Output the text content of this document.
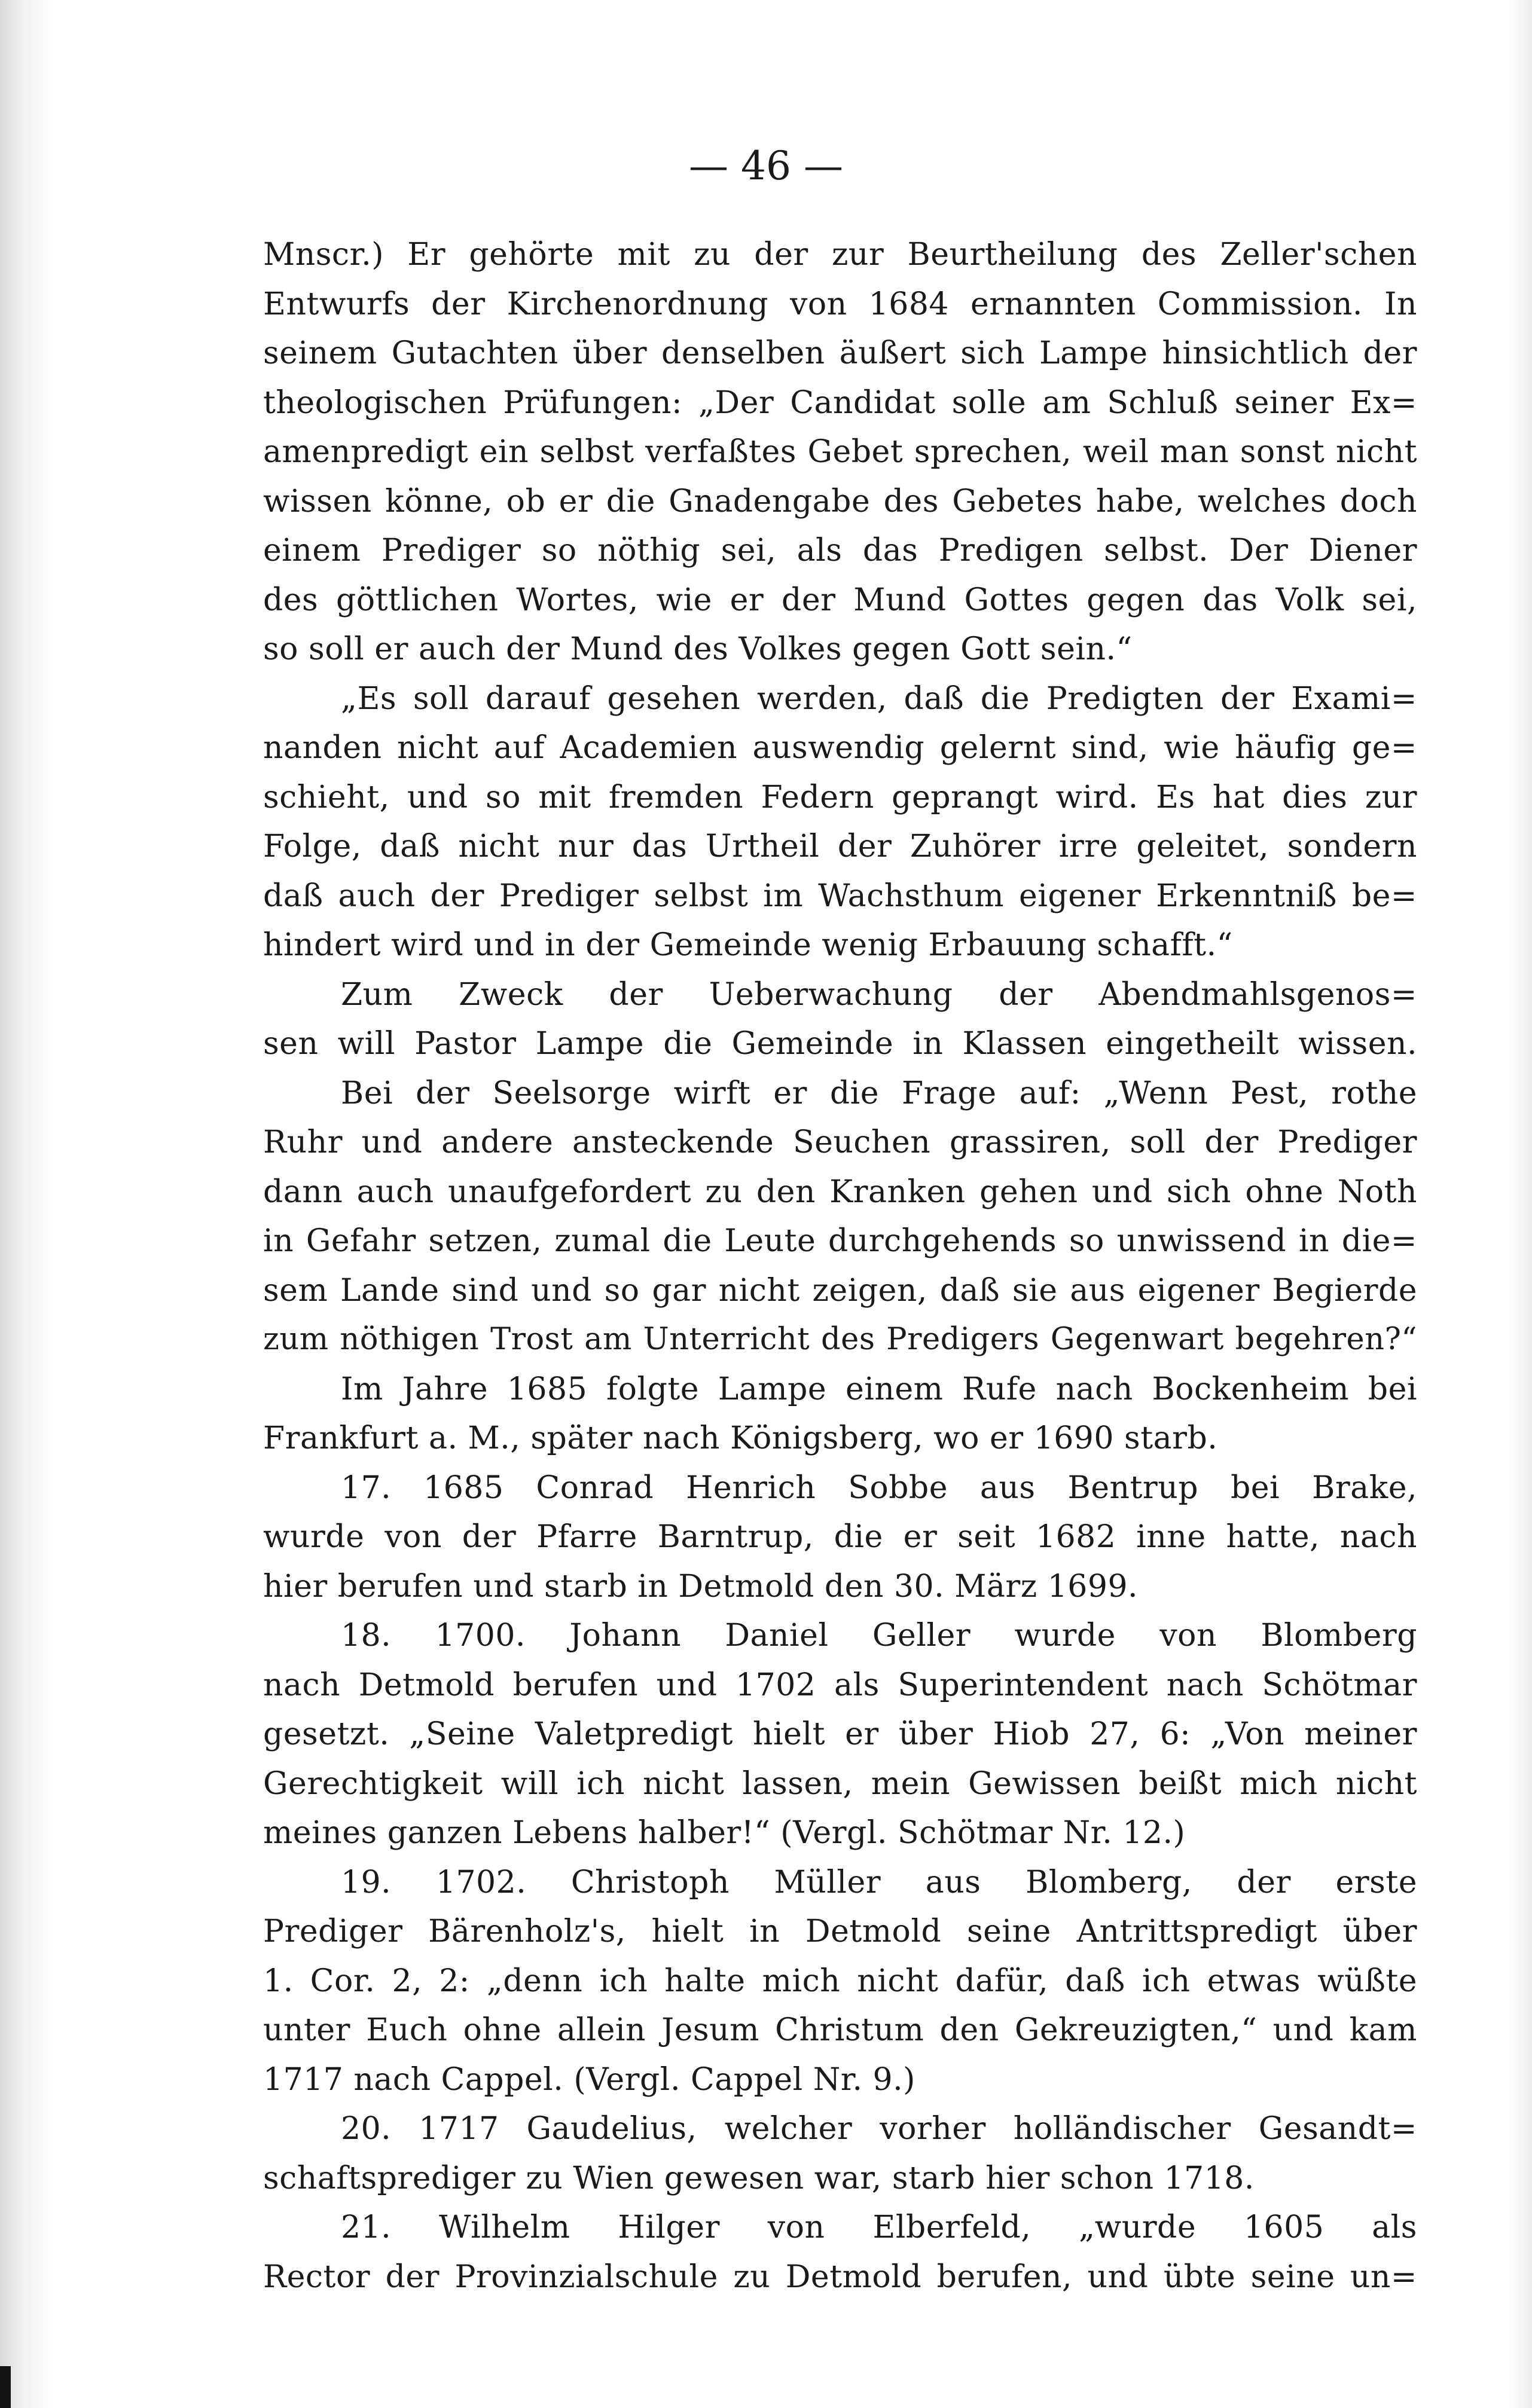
— 46 —
Mnscr.) Er gehörte mit zu der zur Beurtheilung des Zeller'schen
Entwurfs der Kirchenordnung von 1684 ernannten Commission. In
seinem Gutachten über denselben äußert sich Lampe hinsichtlich der
theologischen Prüfungen: „Der Candidat solle am Schluß seiner Ex=
amenpredigt ein selbst verfaßtes Gebet sprechen, weil man sonst nicht
wissen könne, ob er die Gnadengabe des Gebetes habe, welches doch
einem Prediger so nöthig sei, als das Predigen selbst. Der Diener
des göttlichen Wortes, wie er der Mund Gottes gegen das Volk sei,
so soll er auch der Mund des Volkes gegen Gott sein.“
„Es soll darauf gesehen werden, daß die Predigten der Exami=
nanden nicht auf Academien auswendig gelernt sind, wie häufig ge=
schieht, und so mit fremden Federn geprangt wird. Es hat dies zur
Folge, daß nicht nur das Urtheil der Zuhörer irre geleitet, sondern
daß auch der Prediger selbst im Wachsthum eigener Erkenntniß be=
hindert wird und in der Gemeinde wenig Erbauung schafft.“
Zum Zweck der Ueberwachung der Abendmahlsgenos=
sen will Pastor Lampe die Gemeinde in Klassen eingetheilt wissen.
Bei der Seelsorge wirft er die Frage auf: „Wenn Pest, rothe
Ruhr und andere ansteckende Seuchen grassiren, soll der Prediger
dann auch unaufgefordert zu den Kranken gehen und sich ohne Noth
in Gefahr setzen, zumal die Leute durchgehends so unwissend in die=
sem Lande sind und so gar nicht zeigen, daß sie aus eigener Begierde
zum nöthigen Trost am Unterricht des Predigers Gegenwart begehren?“
Im Jahre 1685 folgte Lampe einem Rufe nach Bockenheim bei
Frankfurt a. M., später nach Königsberg, wo er 1690 starb.
17. 1685 Conrad Henrich Sobbe aus Bentrup bei Brake,
wurde von der Pfarre Barntrup, die er seit 1682 inne hatte, nach
hier berufen und starb in Detmold den 30. März 1699.
18. 1700. Johann Daniel Geller wurde von Blomberg
nach Detmold berufen und 1702 als Superintendent nach Schötmar
gesetzt. „Seine Valetpredigt hielt er über Hiob 27, 6: „Von meiner
Gerechtigkeit will ich nicht lassen, mein Gewissen beißt mich nicht
meines ganzen Lebens halber!“ (Vergl. Schötmar Nr. 12.)
19. 1702. Christoph Müller aus Blomberg, der erste
Prediger Bärenholz's, hielt in Detmold seine Antrittspredigt über
1. Cor. 2, 2: „denn ich halte mich nicht dafür, daß ich etwas wüßte
unter Euch ohne allein Jesum Christum den Gekreuzigten,“ und kam
1717 nach Cappel. (Vergl. Cappel Nr. 9.)
20. 1717 Gaudelius, welcher vorher holländischer Gesandt=
schaftsprediger zu Wien gewesen war, starb hier schon 1718.
21. Wilhelm Hilger von Elberfeld, „wurde 1605 als
Rector der Provinzialschule zu Detmold berufen, und übte seine un=
